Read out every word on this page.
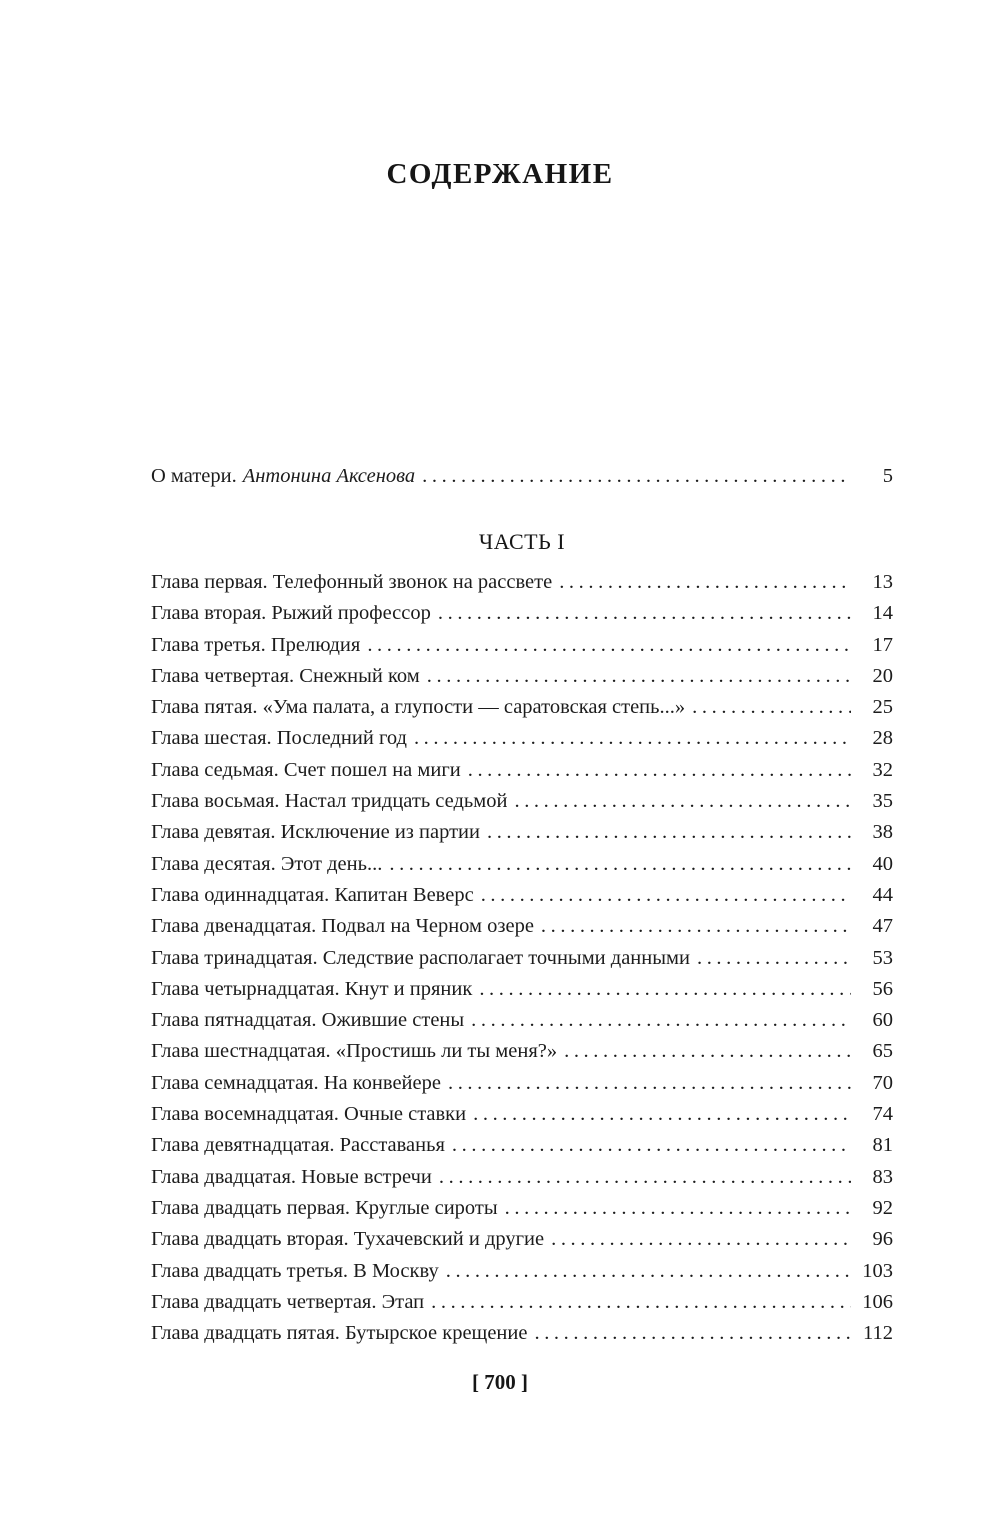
СОДЕРЖАНИЕ
О матери. Антонина Аксенова .....	5
ЧАСТЬ I
Глава первая. Телефонный звонок на рассвете .....	13
Глава вторая. Рыжий профессор .....	14
Глава третья. Прелюдия .....	17
Глава четвертая. Снежный ком .....	20
Глава пятая. «Ума палата, а глупости — саратовская степь...» .....	25
Глава шестая. Последний год .....	28
Глава седьмая. Счет пошел на миги .....	32
Глава восьмая. Настал тридцать седьмой .....	35
Глава девятая. Исключение из партии .....	38
Глава десятая. Этот день... .....	40
Глава одиннадцатая. Капитан Веверс .....	44
Глава двенадцатая. Подвал на Черном озере .....	47
Глава тринадцатая. Следствие располагает точными данными .....	53
Глава четырнадцатая. Кнут и пряник .....	56
Глава пятнадцатая. Ожившие стены .....	60
Глава шестнадцатая. «Простишь ли ты меня?» .....	65
Глава семнадцатая. На конвейере .....	70
Глава восемнадцатая. Очные ставки .....	74
Глава девятнадцатая. Расставанья .....	81
Глава двадцатая. Новые встречи .....	83
Глава двадцать первая. Круглые сироты .....	92
Глава двадцать вторая. Тухачевский и другие .....	96
Глава двадцать третья. В Москву .....	103
Глава двадцать четвертая. Этап .....	106
Глава двадцать пятая. Бутырское крещение .....	112
[ 700 ]
